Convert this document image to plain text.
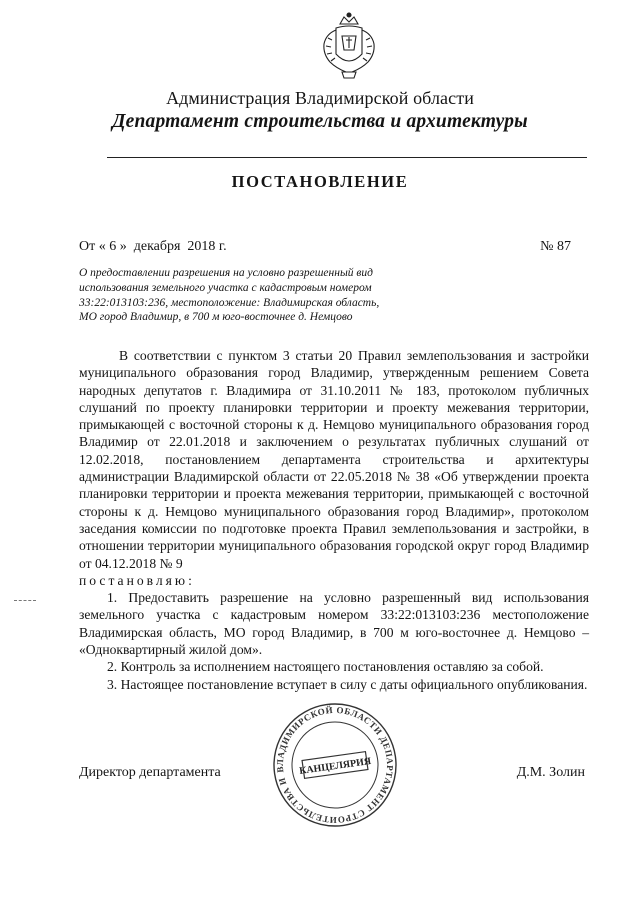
Администрация Владимирской области
Департамент строительства и архитектуры
ПОСТАНОВЛЕНИЕ
От « 6 »  декабря  2018 г.	№ 87
О предоставлении разрешения на условно разрешенный вид
использования земельного участка с кадастровым номером
33:22:013103:236, местоположение: Владимирская область,
МО город Владимир, в 700 м юго-восточнее д. Немцово

В соответствии с пунктом 3 статьи 20 Правил землепользования и застройки муниципального образования город Владимир, утвержденным решением Совета народных депутатов г. Владимира от 31.10.2011 № 183, протоколом публичных слушаний по проекту планировки территории и проекту межевания территории, примыкающей с восточной стороны к д. Немцово муниципального образования город Владимир от 22.01.2018 и заключением о результатах публичных слушаний от 12.02.2018, постановлением департамента строительства и архитектуры администрации Владимирской области от 22.05.2018 № 38 «Об утверждении проекта планировки территории и проекта межевания территории, примыкающей с восточной стороны к д. Немцово муниципального образования город Владимир», протоколом заседания комиссии по подготовке проекта Правил землепользования и застройки, в отношении территории муниципального образования городской округ город Владимир от 04.12.2018 № 9

постановляю:

1. Предоставить разрешение на условно разрешенный вид использования земельного участка с кадастровым номером 33:22:013103:236 местоположение Владимирская область, МО город Владимир, в 700 м юго-восточнее д. Немцово – «Одноквартирный жилой дом».

2. Контроль за исполнением настоящего постановления оставляю за собой.

3. Настоящее постановление вступает в силу с даты официального опубликования.

Директор департамента	Д.М. Золин
ВЛАДИМИРСКОЙ ОБЛАСТИ ДЕПАРТАМЕНТ СТРОИТЕЛЬСТВА И
КАНЦЕЛЯРИЯ
